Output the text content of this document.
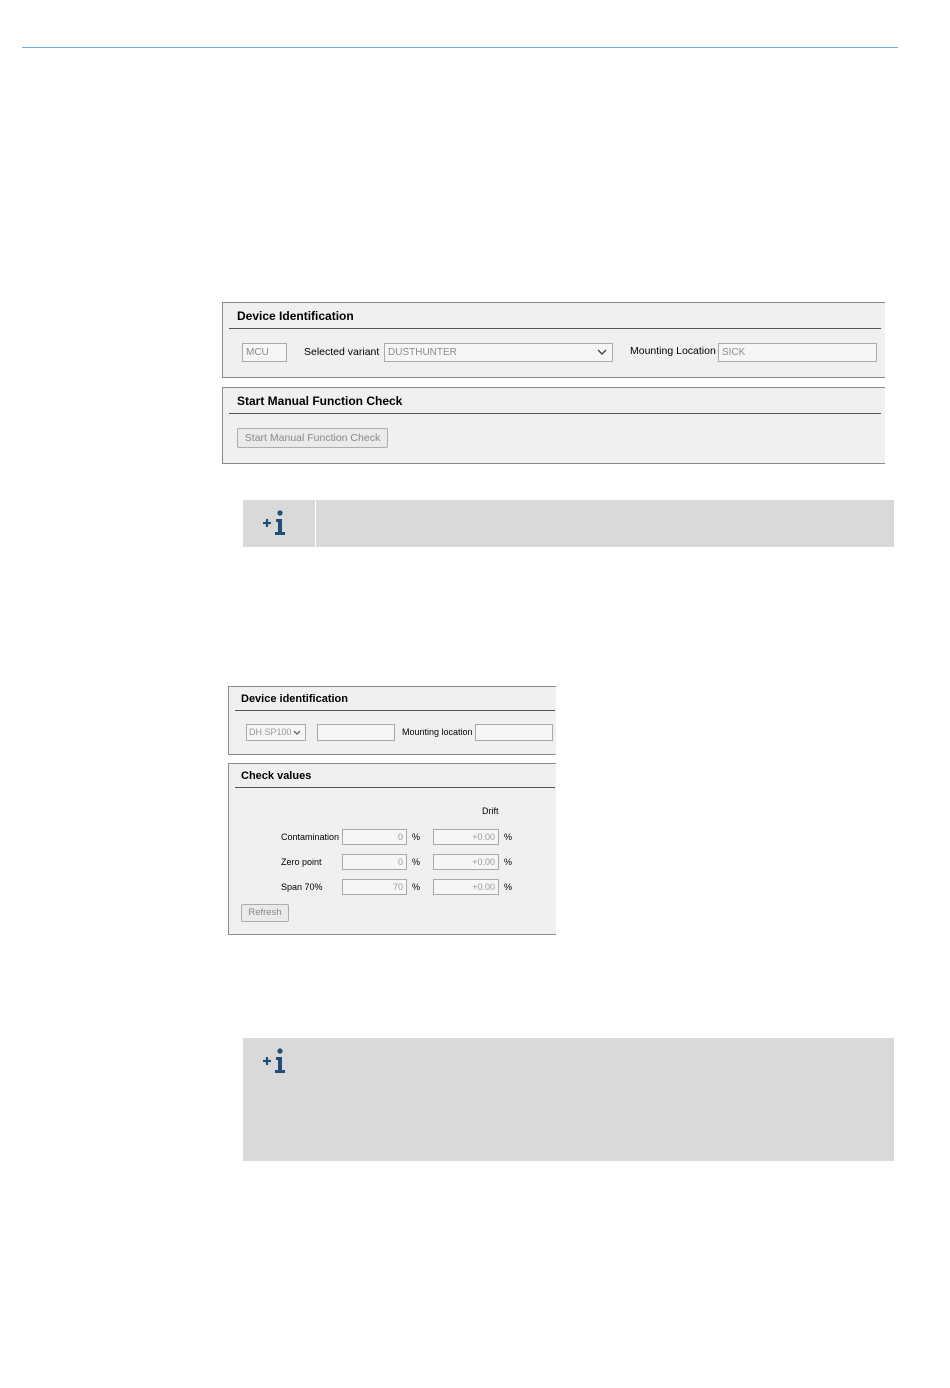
Device Identification
MCU	Selected variant DUSTHUNTER	Mounting Location SICK
Start Manual Function Check
Start Manual Function Check
Device identification
DH SP100	Mounting location
Check values
Drift
Contamination	0	%	+0.00	%
Zero point	0	%	+0.00	%
Span 70%	70	%	+0.00	%
Refresh
